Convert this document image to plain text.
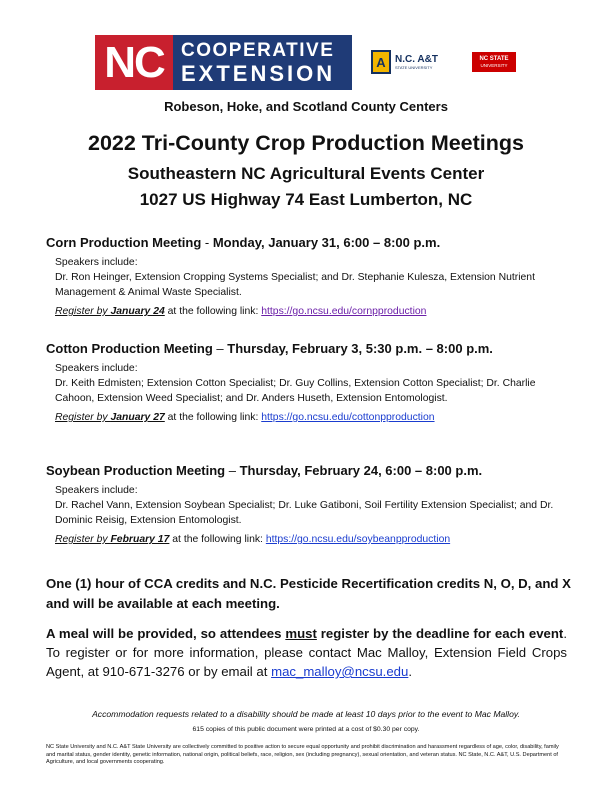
NC COOPERATIVE
EXTENSION	A N.C. A&T
STATE UNIVERSITY
NC STATE
UNIVERSITY
Robeson, Hoke, and Scotland County Centers
2022 Tri-County Crop Production Meetings
Southeastern NC Agricultural Events Center
1027 US Highway 74 East Lumberton, NC

Corn Production Meeting - Monday, January 31, 6:00 – 8:00 p.m.

Speakers include:

Dr. Ron Heinger, Extension Cropping Systems Specialist; and Dr. Stephanie Kulesza, Extension Nutrient Management & Animal Waste Specialist.

Register by January 24 at the following link: https://go.ncsu.edu/cornpproduction

Cotton Production Meeting – Thursday, February 3, 5:30 p.m. – 8:00 p.m.

Speakers include:

Dr. Keith Edmisten; Extension Cotton Specialist; Dr. Guy Collins, Extension Cotton Specialist; Dr. Charlie Cahoon, Extension Weed Specialist; and Dr. Anders Huseth, Extension Entomologist.

Register by January 27 at the following link: https://go.ncsu.edu/cottonpproduction

Soybean Production Meeting – Thursday, February 24, 6:00 – 8:00 p.m.

Speakers include:

Dr. Rachel Vann, Extension Soybean Specialist; Dr. Luke Gatiboni, Soil Fertility Extension Specialist; and Dr. Dominic Reisig, Extension Entomologist.

Register by February 17 at the following link: https://go.ncsu.edu/soybeanpproduction

One (1) hour of CCA credits and N.C. Pesticide Recertification credits N, O, D, and X and will be available at each meeting.
A meal will be provided, so attendees must register by the deadline for each event. To register or for more information, please contact Mac Malloy, Extension Field Crops Agent, at 910-671-3276 or by email at mac_malloy@ncsu.edu.
Accommodation requests related to a disability should be made at least 10 days prior to the event to Mac Malloy.
615 copies of this public document were printed at a cost of $0.30 per copy.
NC State University and N.C. A&T State University are collectively committed to positive action to secure equal opportunity and prohibit discrimination and harassment regardless of age, color, disability, family and marital status, gender identity, genetic information, national origin, political beliefs, race, religion, sex (including pregnancy), sexual orientation, and veteran status. NC State, N.C. A&T, U.S. Department of Agriculture, and local governments cooperating.
